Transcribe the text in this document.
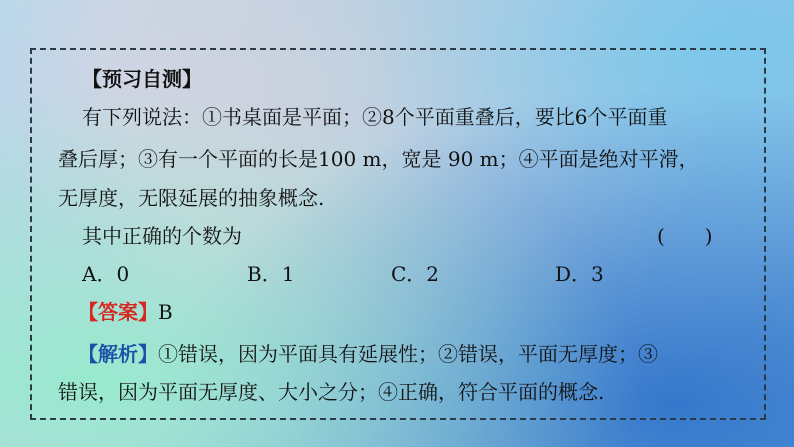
【预习自测】
有下列说法：①书桌面是平面；②8个平面重叠后，要比6个平面重
叠后厚；③有一个平面的长是100 m，宽是 90 m；④平面是绝对平滑，
无厚度，无限延展的抽象概念.
其中正确的个数为	(　　)
A．0	B．1	C．2	D．3
【答案】B
【解析】①错误，因为平面具有延展性；②错误，平面无厚度；③
错误，因为平面无厚度、大小之分；④正确，符合平面的概念.
